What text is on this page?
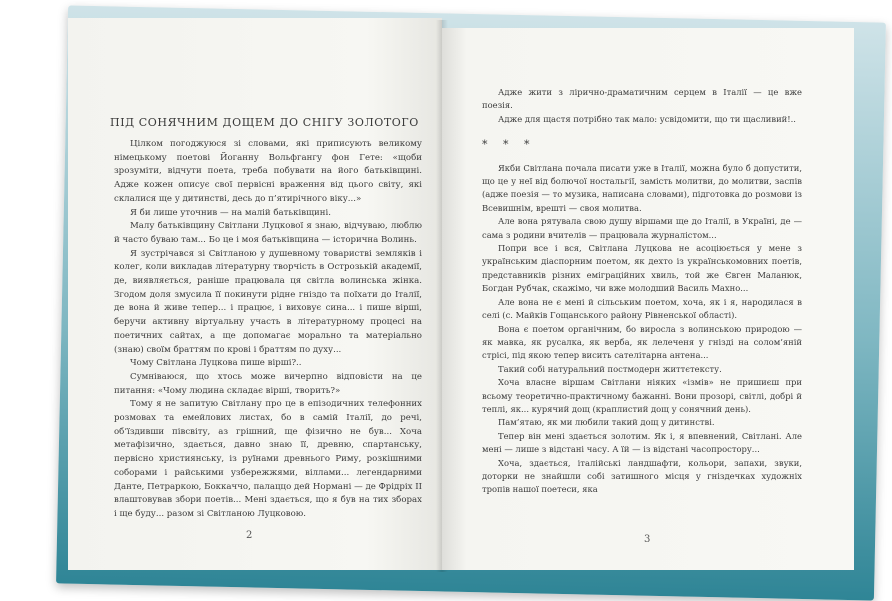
ПІД СОНЯЧНИМ ДОЩЕМ ДО СНІГУ ЗОЛОТОГО

Цілком погоджуюся зі словами, які приписують великому німецькому поетові Йоганну Вольфгангу фон Гете: «щоби зрозуміти, відчути поета, треба побувати на його батьківщині. Адже кожен описує свої первісні враження від цього світу, які склалися ще у дитинстві, десь до п’ятирічного віку...»

Я би лише уточнив — на малій батьківщині.

Малу батьківщину Світлани Луцкової я знаю, відчуваю, люблю й часто буваю там... Бо це і моя батьківщина — історична Волинь.

Я зустрічався зі Світланою у душевному товаристві земляків і колег, коли викладав літературну творчість в Острозькій академії, де, виявляється, раніше працювала ця світла волинська жінка. Згодом доля змусила її покинути рідне гніздо та поїхати до Італії, де вона й живе тепер... і працює, і виховує сина... і пише вірші, беручи активну віртуальну участь в літературному процесі на поетичних сайтах, а ще допомагає морально та матеріально (знаю) своїм браттям по крові і браттям по духу...

Чому Світлана Луцкова пише вірші?..

Сумніваюся, що хтось може вичерпно відповісти на це питання: «Чому людина складає вірші, творить?»

Тому я не запитую Світлану про це в епізодичних телефонних розмовах та емейлових листах, бо в самій Італії, до речі, об’їздивши півсвіту, аз грішний, ще фізично не був... Хоча метафізично, здається, давно знаю її, древню, спартанську, первісно християнську, із руїнами древнього Риму, розкішними соборами і райськими узбережжями, віллами... легендарними Данте, Петраркою, Боккаччо, палаццо дей Нормані — де Фрідріх ІІ влаштовував збори поетів... Мені здається, що я був на тих зборах і ще буду... разом зі Світланою Луцковою.

2

Адже жити з лірично-драматичним серцем в Італії — це вже поезія.

Адже для щастя потрібно так мало: усвідомити, що ти щасливий!..

* * *

Якби Світлана почала писати уже в Італії, можна було б допустити, що це у неї від болючої ностальгії, замість молитви, до молитви, заспів (адже поезія — то музика, написана словами), підготовка до розмови із Всевишнім, врешті — своя молитва.

Але вона рятувала свою душу віршами ще до Італії, в Україні, де — сама з родини вчителів — працювала журналістом...

Попри все і вся, Світлана Луцкова не асоціюється у мене з українським діаспорним поетом, як дехто із українськомовних поетів, представників різних еміграційних хвиль, той же Євген Маланюк, Богдан Рубчак, скажімо, чи вже молодший Василь Махно...

Але вона не є мені й сільським поетом, хоча, як і я, народилася в селі (с. Майків Гощанського району Рівненської області).

Вона є поетом органічним, бо виросла з волинською природою — як мавка, як русалка, як верба, як лелеченя у гнізді на солом’яній стрісі, під якою тепер висить сателітарна антена...

Такий собі натуральний постмодерн життєтексту.

Хоча власне віршам Світлани ніяких «ізмів» не пришиєш при всьому теоретично-практичному бажанні. Вони прозорі, світлі, добрі й теплі, як... курячий дощ (краплистий дощ у сонячний день).

Пам’ятаю, як ми любили такий дощ у дитинстві.

Тепер він мені здається золотим. Як і, я впевнений, Світлані. Але мені — лише з відстані часу. А їй — із відстані часопростору...

Хоча, здається, італійські ландшафти, кольори, запахи, звуки, доторки не знайшли собі затишного місця у гніздечках художніх тропів нашої поетеси, яка

3
